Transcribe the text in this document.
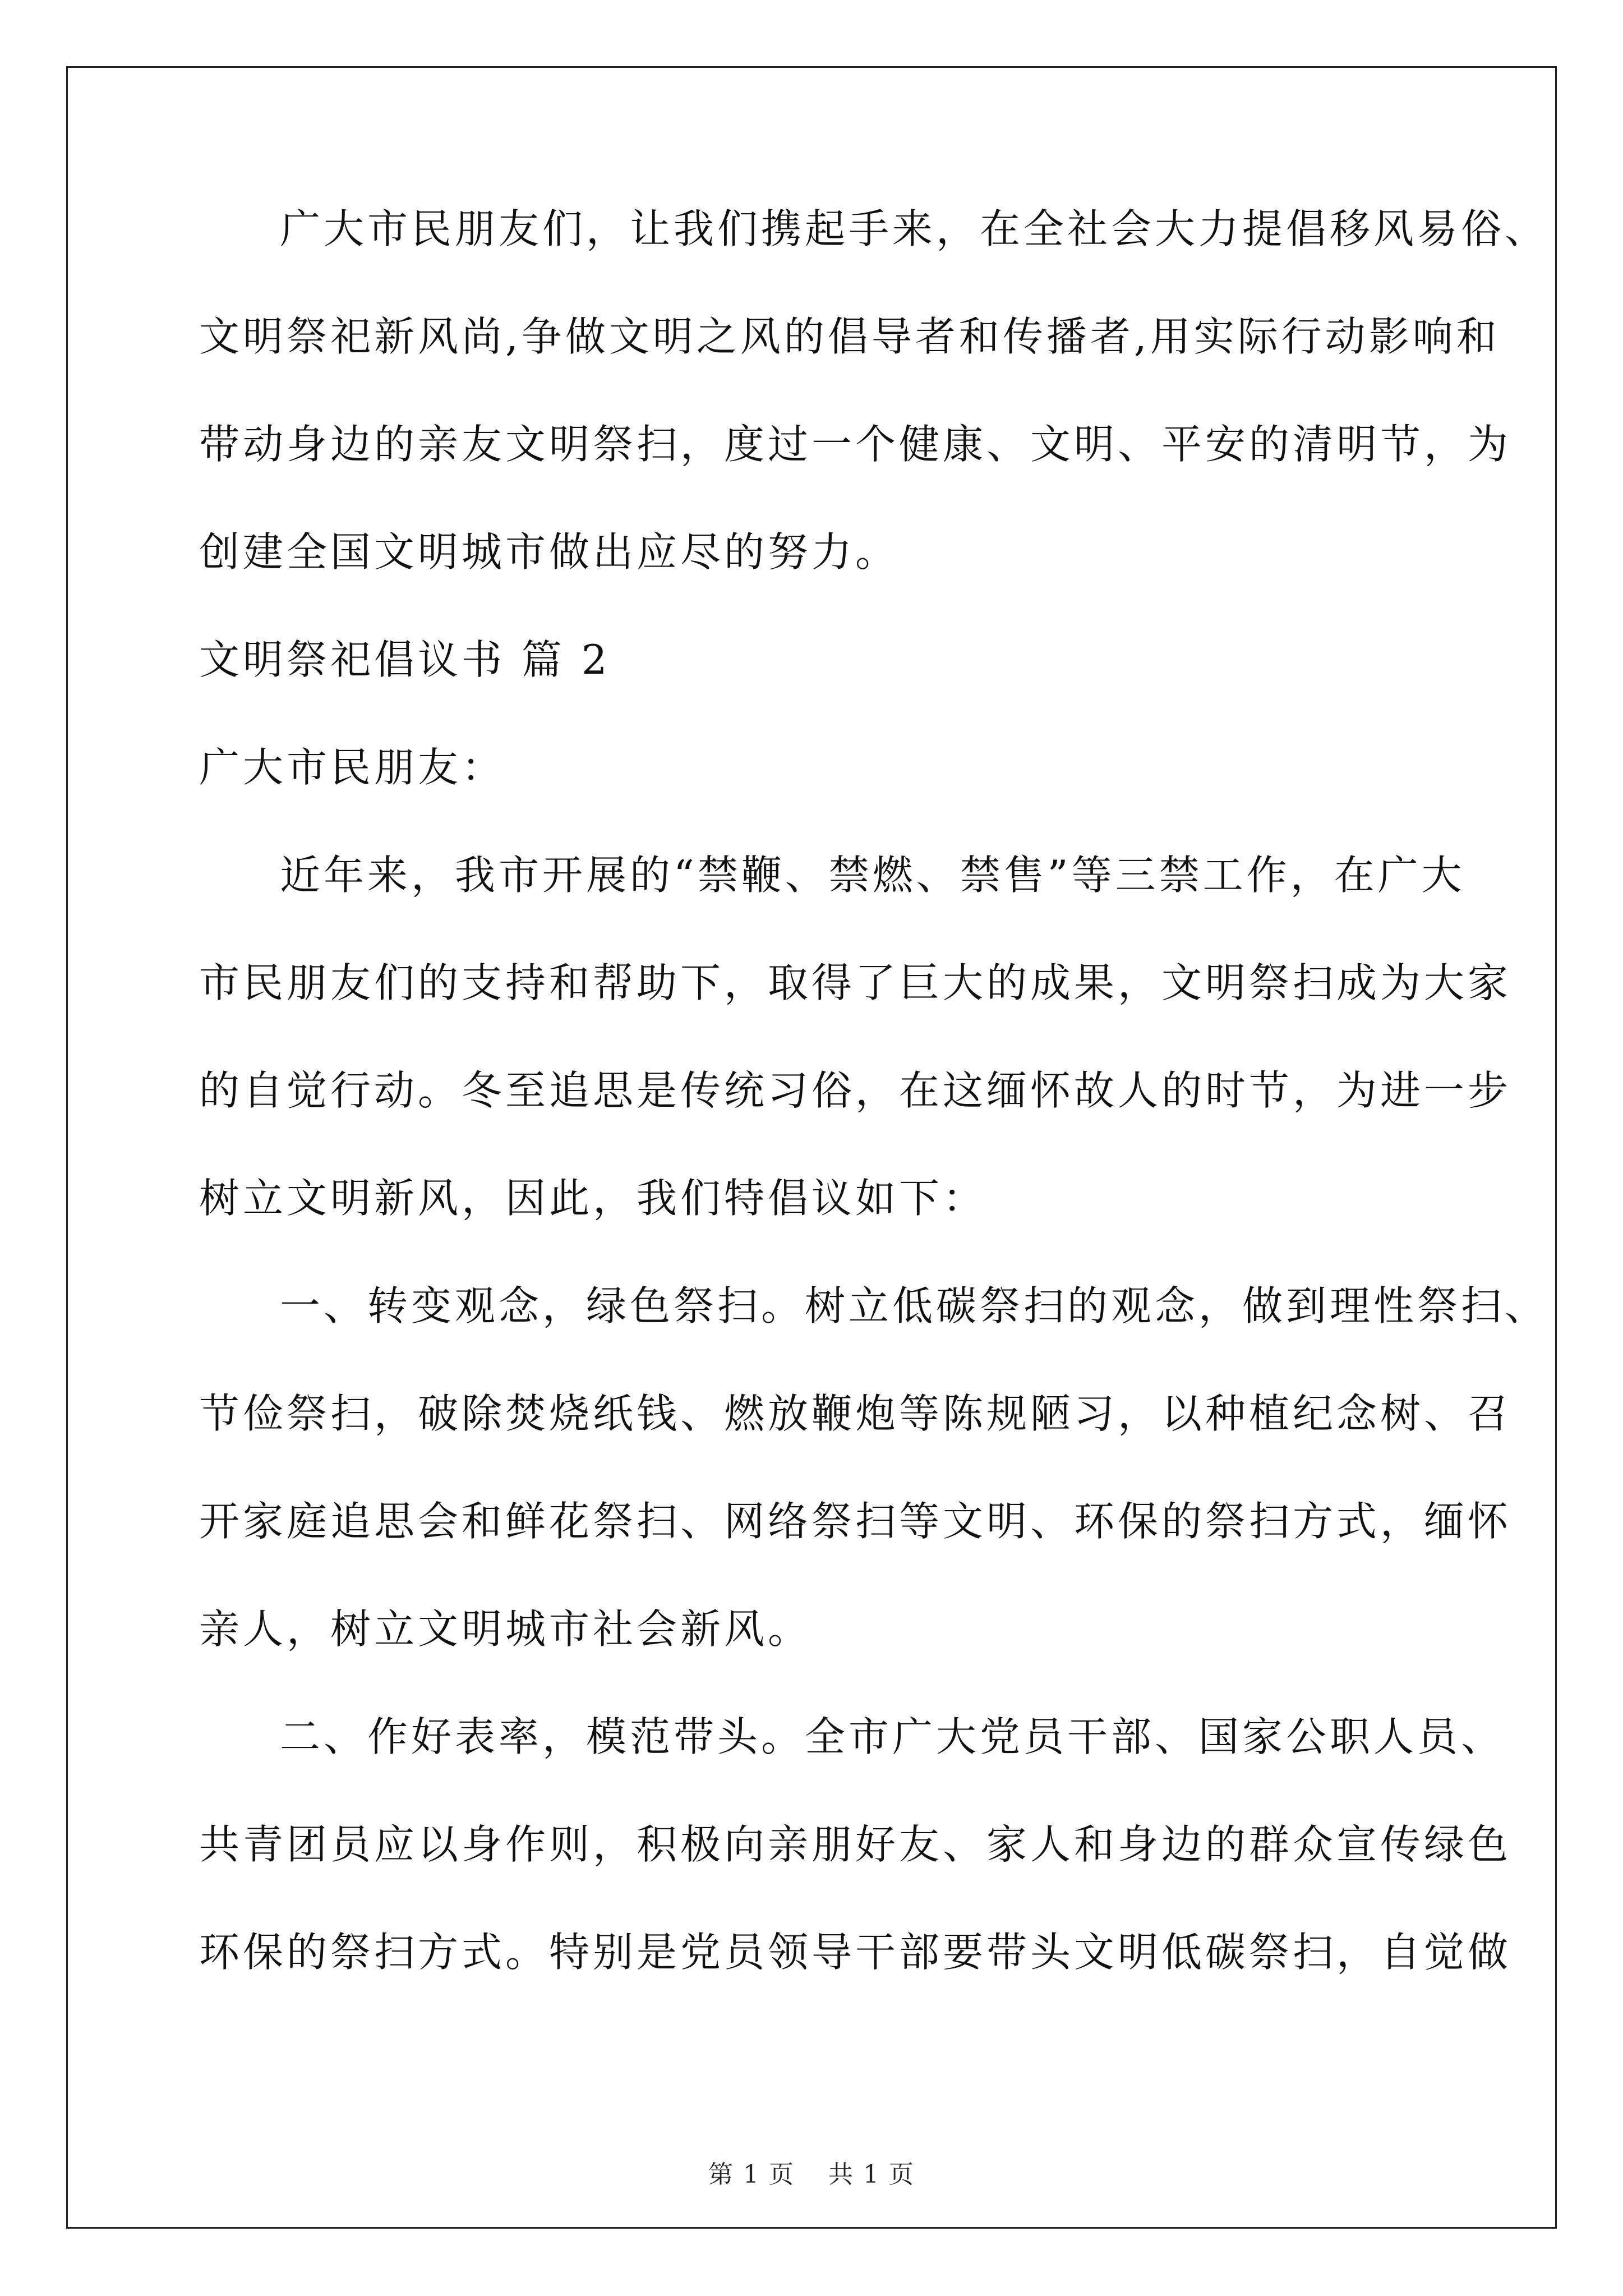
广大市民朋友们，让我们携起手来，在全社会大力提倡移风易俗、
文明祭祀新风尚,争做文明之风的倡导者和传播者,用实际行动影响和
带动身边的亲友文明祭扫，度过一个健康、文明、平安的清明节，为
创建全国文明城市做出应尽的努力。
文明祭祀倡议书 篇 2
广大市民朋友：
近年来，我市开展的“禁鞭、禁燃、禁售”等三禁工作，在广大
市民朋友们的支持和帮助下，取得了巨大的成果，文明祭扫成为大家
的自觉行动。冬至追思是传统习俗，在这缅怀故人的时节，为进一步
树立文明新风，因此，我们特倡议如下：
一、转变观念，绿色祭扫。树立低碳祭扫的观念，做到理性祭扫、
节俭祭扫，破除焚烧纸钱、燃放鞭炮等陈规陋习，以种植纪念树、召
开家庭追思会和鲜花祭扫、网络祭扫等文明、环保的祭扫方式，缅怀
亲人，树立文明城市社会新风。
二、作好表率，模范带头。全市广大党员干部、国家公职人员、
共青团员应以身作则，积极向亲朋好友、家人和身边的群众宣传绿色
环保的祭扫方式。特别是党员领导干部要带头文明低碳祭扫，自觉做
第 1 页 共 1 页
